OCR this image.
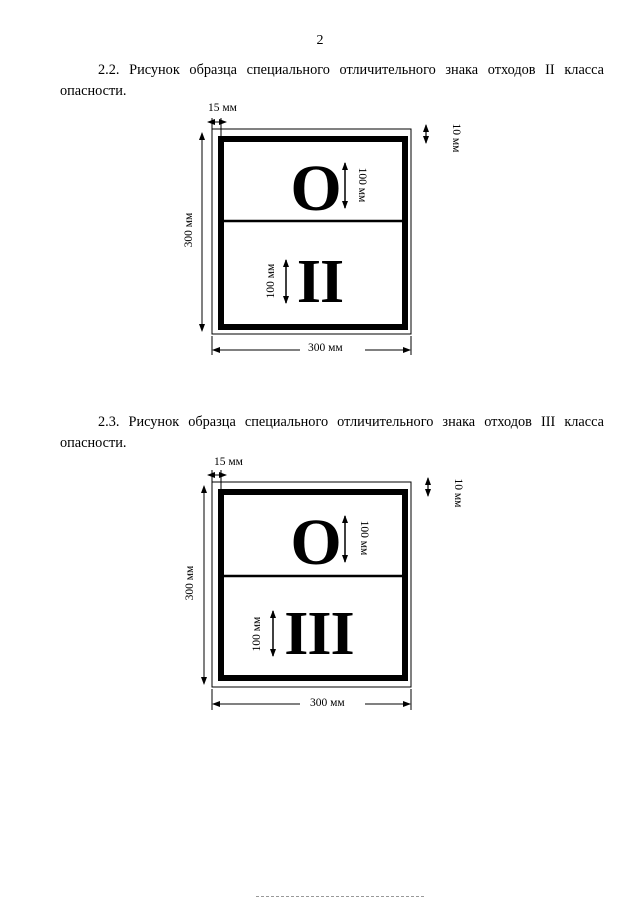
2
2.2. Рисунок образца специального отличительного знака отходов II класса опасности.
15 мм
10 мм
300 мм
300 мм
О	100 мм
II
100 мм
2.3. Рисунок образца специального отличительного знака отходов III класса опасности.
15 мм
10 мм
300 мм
300 мм
О	100 мм
III
100 мм
